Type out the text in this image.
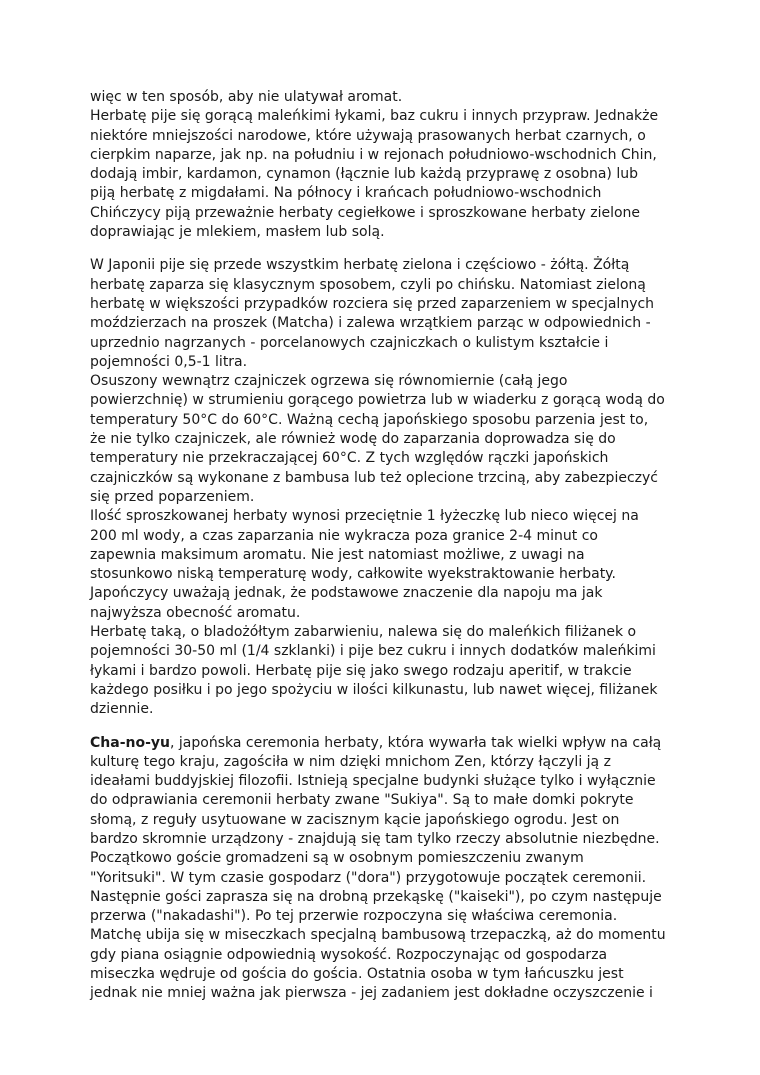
więc w ten sposób, aby nie ulatywał aromat.

Herbatę pije się gorącą maleńkimi łykami, baz cukru i innych przypraw. Jednakże

niektóre mniejszości narodowe, które używają prasowanych herbat czarnych, o

cierpkim naparze, jak np. na południu i w rejonach południowo-wschodnich Chin,

dodają imbir, kardamon, cynamon (łącznie lub każdą przyprawę z osobna) lub

piją herbatę z migdałami. Na północy i krańcach południowo-wschodnich

Chińczycy piją przeważnie herbaty cegiełkowe i sproszkowane herbaty zielone

doprawiając je mlekiem, masłem lub solą.

W Japonii pije się przede wszystkim herbatę zielona i częściowo - żółtą. Żółtą

herbatę zaparza się klasycznym sposobem, czyli po chińsku. Natomiast zieloną

herbatę w większości przypadków rozciera się przed zaparzeniem w specjalnych

moździerzach na proszek (Matcha) i zalewa wrzątkiem parząc w odpowiednich -

uprzednio nagrzanych - porcelanowych czajniczkach o kulistym kształcie i

pojemności 0,5-1 litra.

Osuszony wewnątrz czajniczek ogrzewa się równomiernie (całą jego

powierzchnię) w strumieniu gorącego powietrza lub w wiaderku z gorącą wodą do

temperatury 50°C do 60°C. Ważną cechą japońskiego sposobu parzenia jest to,

że nie tylko czajniczek, ale również wodę do zaparzania doprowadza się do

temperatury nie przekraczającej 60°C. Z tych względów rączki japońskich

czajniczków są wykonane z bambusa lub też oplecione trzciną, aby zabezpieczyć

się przed poparzeniem.

Ilość sproszkowanej herbaty wynosi przeciętnie 1 łyżeczkę lub nieco więcej na

200 ml wody, a czas zaparzania nie wykracza poza granice 2-4 minut co

zapewnia maksimum aromatu. Nie jest natomiast możliwe, z uwagi na

stosunkowo niską temperaturę wody, całkowite wyekstraktowanie herbaty.

Japończycy uważają jednak, że podstawowe znaczenie dla napoju ma jak

najwyższa obecność aromatu.

Herbatę taką, o bladożółtym zabarwieniu, nalewa się do maleńkich filiżanek o

pojemności 30-50 ml (1/4 szklanki) i pije bez cukru i innych dodatków maleńkimi

łykami i bardzo powoli. Herbatę pije się jako swego rodzaju aperitif, w trakcie

każdego posiłku i po jego spożyciu w ilości kilkunastu, lub nawet więcej, filiżanek

dziennie.

Cha-no-yu, japońska ceremonia herbaty, która wywarła tak wielki wpływ na całą

kulturę tego kraju, zagościła w nim dzięki mnichom Zen, którzy łączyli ją z

ideałami buddyjskiej filozofii. Istnieją specjalne budynki służące tylko i wyłącznie

do odprawiania ceremonii herbaty zwane "Sukiya". Są to małe domki pokryte

słomą, z reguły usytuowane w zacisznym kącie japońskiego ogrodu. Jest on

bardzo skromnie urządzony - znajdują się tam tylko rzeczy absolutnie niezbędne.

Początkowo goście gromadzeni są w osobnym pomieszczeniu zwanym

"Yoritsuki". W tym czasie gospodarz ("dora") przygotowuje początek ceremonii.

Następnie gości zaprasza się na drobną przekąskę ("kaiseki"), po czym następuje

przerwa ("nakadashi"). Po tej przerwie rozpoczyna się właściwa ceremonia.

Matchę ubija się w miseczkach specjalną bambusową trzepaczką, aż do momentu

gdy piana osiągnie odpowiednią wysokość. Rozpoczynając od gospodarza

miseczka wędruje od gościa do gościa. Ostatnia osoba w tym łańcuszku jest

jednak nie mniej ważna jak pierwsza - jej zadaniem jest dokładne oczyszczenie i
